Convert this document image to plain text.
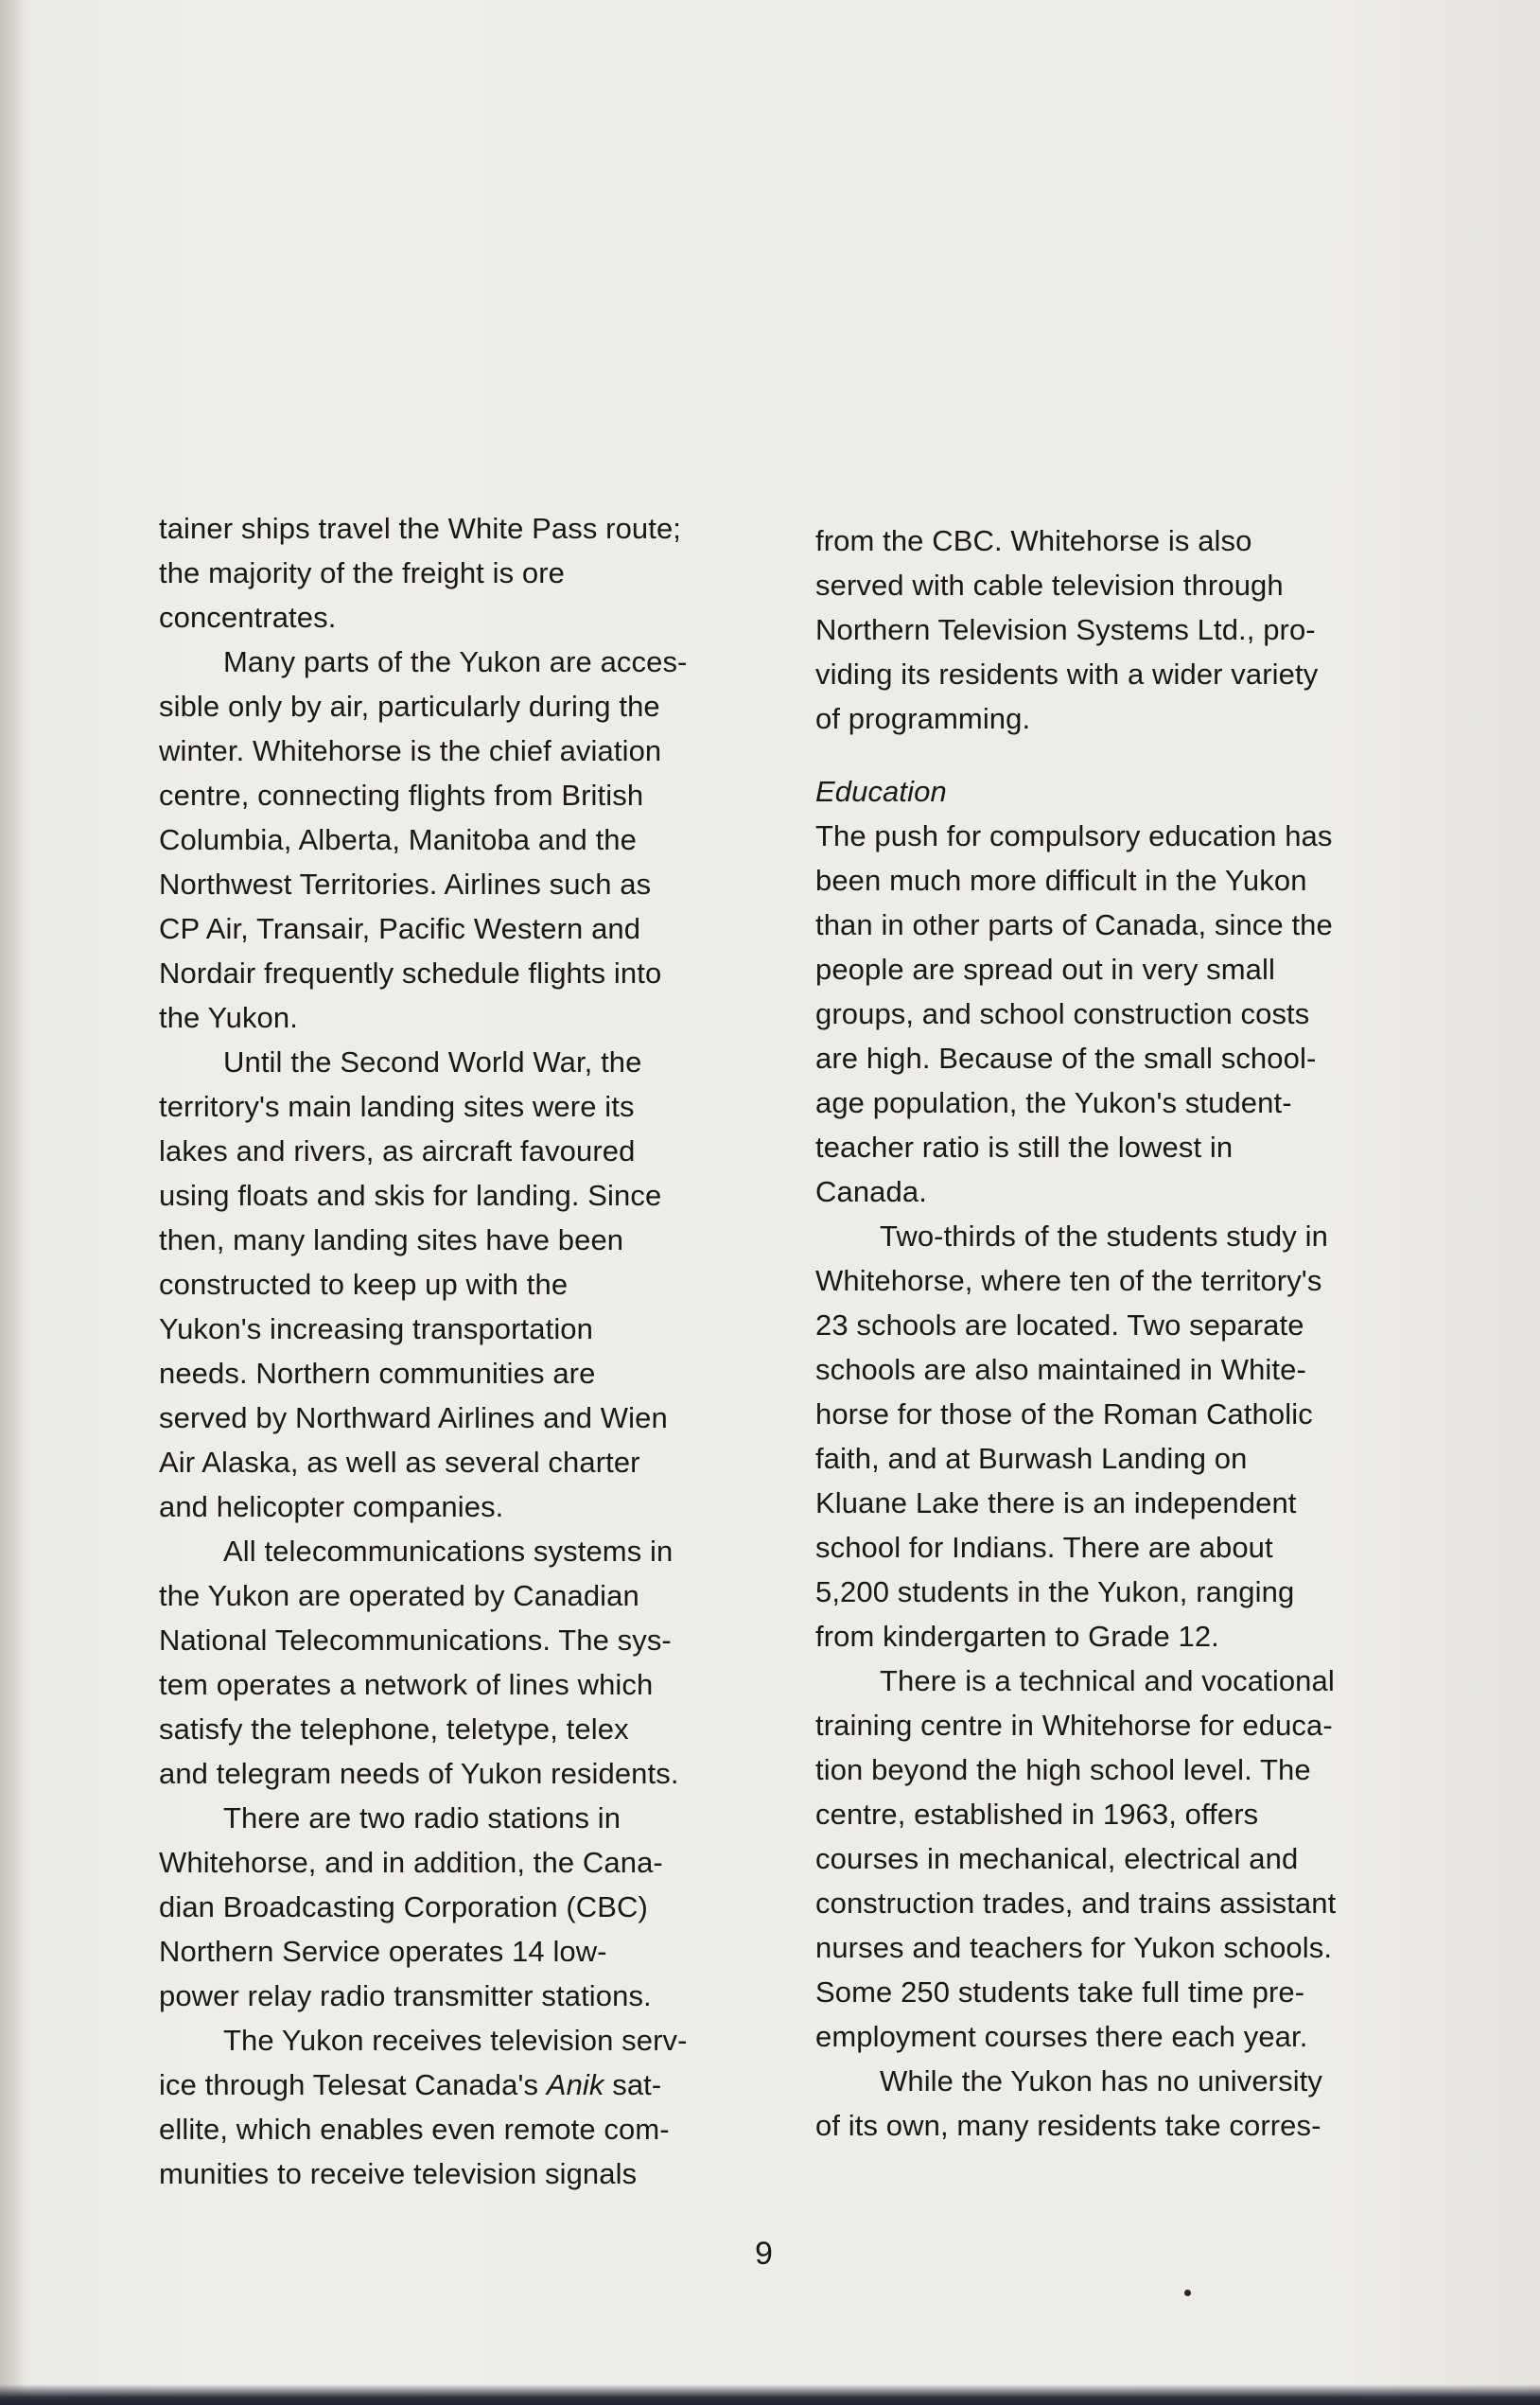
tainer ships travel the White Pass route;
the majority of the freight is ore
concentrates.

Many parts of the Yukon are acces-
sible only by air, particularly during the
winter. Whitehorse is the chief aviation
centre, connecting flights from British
Columbia, Alberta, Manitoba and the
Northwest Territories. Airlines such as
CP Air, Transair, Pacific Western and
Nordair frequently schedule flights into
the Yukon.

Until the Second World War, the
territory's main landing sites were its
lakes and rivers, as aircraft favoured
using floats and skis for landing. Since
then, many landing sites have been
constructed to keep up with the
Yukon's increasing transportation
needs. Northern communities are
served by Northward Airlines and Wien
Air Alaska, as well as several charter
and helicopter companies.

All telecommunications systems in
the Yukon are operated by Canadian
National Telecommunications. The sys-
tem operates a network of lines which
satisfy the telephone, teletype, telex
and telegram needs of Yukon residents.

There are two radio stations in
Whitehorse, and in addition, the Cana-
dian Broadcasting Corporation (CBC)
Northern Service operates 14 low-
power relay radio transmitter stations.

The Yukon receives television serv-
ice through Telesat Canada's Anik sat-
ellite, which enables even remote com-
munities to receive television signals

from the CBC. Whitehorse is also
served with cable television through
Northern Television Systems Ltd., pro-
viding its residents with a wider variety
of programming.

Education

The push for compulsory education has
been much more difficult in the Yukon
than in other parts of Canada, since the
people are spread out in very small
groups, and school construction costs
are high. Because of the small school-
age population, the Yukon's student-
teacher ratio is still the lowest in
Canada.

Two-thirds of the students study in
Whitehorse, where ten of the territory's
23 schools are located. Two separate
schools are also maintained in White-
horse for those of the Roman Catholic
faith, and at Burwash Landing on
Kluane Lake there is an independent
school for Indians. There are about
5,200 students in the Yukon, ranging
from kindergarten to Grade 12.

There is a technical and vocational
training centre in Whitehorse for educa-
tion beyond the high school level. The
centre, established in 1963, offers
courses in mechanical, electrical and
construction trades, and trains assistant
nurses and teachers for Yukon schools.
Some 250 students take full time pre-
employment courses there each year.

While the Yukon has no university
of its own, many residents take corres-

9
